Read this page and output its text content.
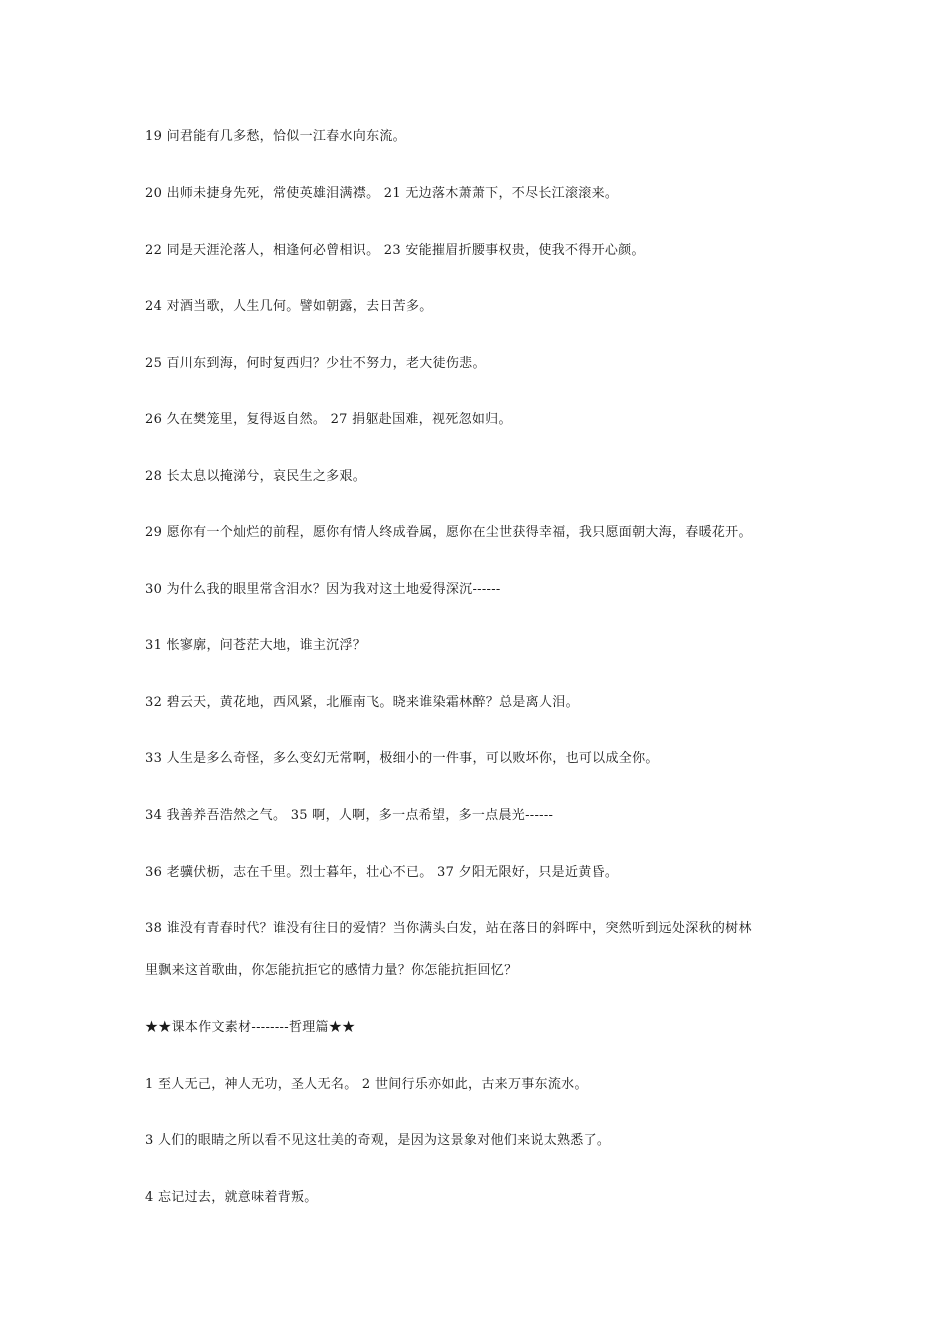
19 问君能有几多愁，恰似一江春水向东流。
20 出师未捷身先死，常使英雄泪满襟。 21 无边落木萧萧下，不尽长江滚滚来。
22 同是天涯沦落人，相逢何必曾相识。 23 安能摧眉折腰事权贵，使我不得开心颜。
24 对酒当歌，人生几何。譬如朝露，去日苦多。
25 百川东到海，何时复西归？少壮不努力，老大徒伤悲。
26 久在樊笼里，复得返自然。 27 捐躯赴国难，视死忽如归。
28 长太息以掩涕兮，哀民生之多艰。
29 愿你有一个灿烂的前程，愿你有情人终成眷属，愿你在尘世获得幸福，我只愿面朝大海，春暖花开。
30 为什么我的眼里常含泪水？因为我对这土地爱得深沉------
31 怅寥廓，问苍茫大地，谁主沉浮？
32 碧云天，黄花地，西风紧，北雁南飞。晓来谁染霜林醉？总是离人泪。
33 人生是多么奇怪，多么变幻无常啊，极细小的一件事，可以败坏你，也可以成全你。
34 我善养吾浩然之气。 35 啊，人啊，多一点希望，多一点晨光------
36 老骥伏枥，志在千里。烈士暮年，壮心不已。 37 夕阳无限好，只是近黄昏。
38 谁没有青春时代？谁没有往日的爱情？当你满头白发，站在落日的斜晖中，突然听到远处深秋的树林
里飘来这首歌曲，你怎能抗拒它的感情力量？你怎能抗拒回忆？
★★课本作文素材--------哲理篇★★
1 至人无己，神人无功，圣人无名。 2 世间行乐亦如此，古来万事东流水。
3 人们的眼睛之所以看不见这壮美的奇观，是因为这景象对他们来说太熟悉了。
4 忘记过去，就意味着背叛。
